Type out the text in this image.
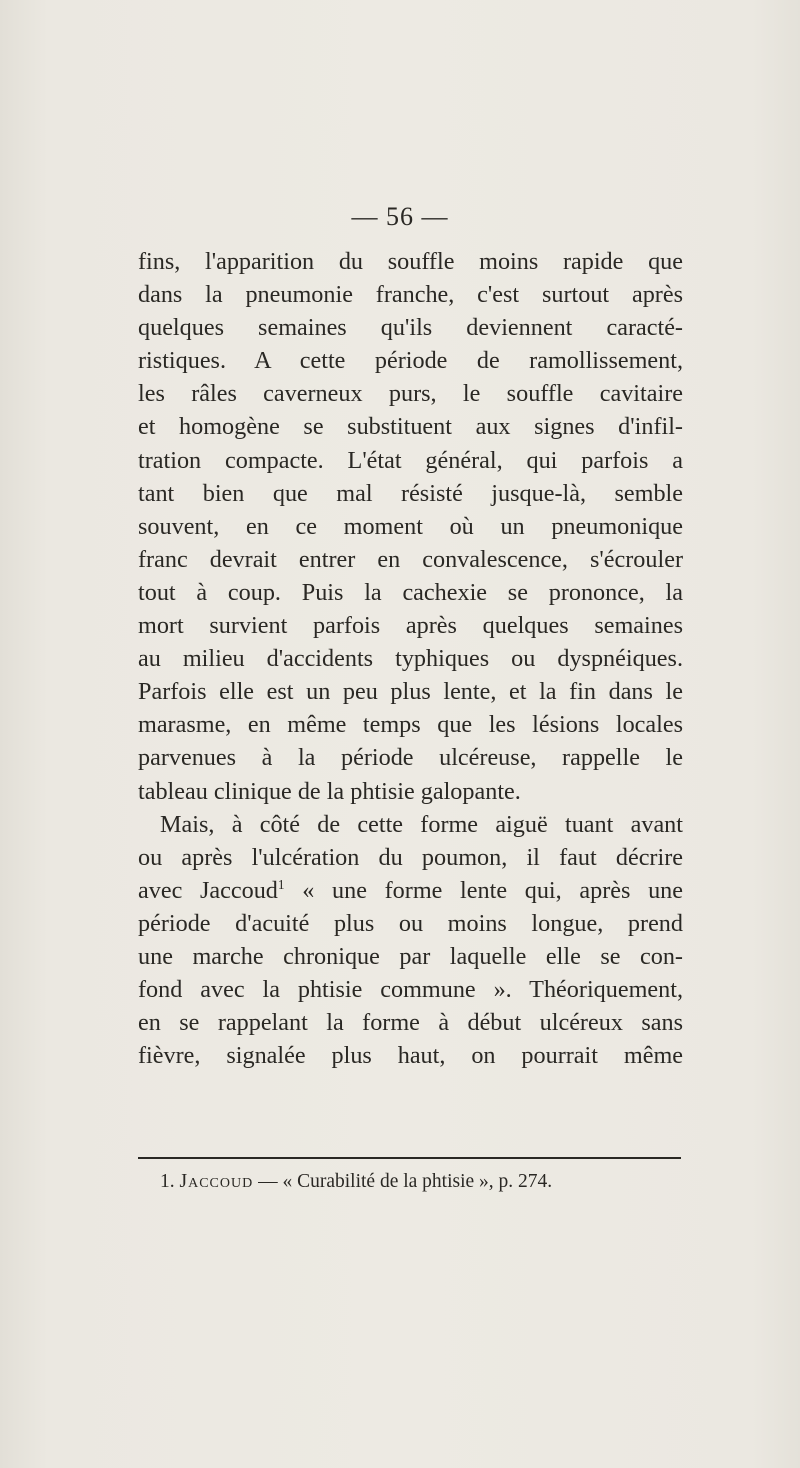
— 56 —
fins, l'apparition du souffle moins rapide que
dans la pneumonie franche, c'est surtout après
quelques semaines qu'ils deviennent caracté-
ristiques. A cette période de ramollissement,
les râles caverneux purs, le souffle cavitaire
et homogène se substituent aux signes d'infil-
tration compacte. L'état général, qui parfois a
tant bien que mal résisté jusque-là, semble
souvent, en ce moment où un pneumonique
franc devrait entrer en convalescence, s'écrouler
tout à coup. Puis la cachexie se prononce, la
mort survient parfois après quelques semaines
au milieu d'accidents typhiques ou dyspnéiques.
Parfois elle est un peu plus lente, et la fin dans le
marasme, en même temps que les lésions locales
parvenues à la période ulcéreuse, rappelle le
tableau clinique de la phtisie galopante.
Mais, à côté de cette forme aiguë tuant avant
ou après l'ulcération du poumon, il faut décrire
avec Jaccoud$^1$ « une forme lente qui, après une
période d'acuité plus ou moins longue, prend
une marche chronique par laquelle elle se con-
fond avec la phtisie commune ». Théoriquement,
en se rappelant la forme à début ulcéreux sans
fièvre, signalée plus haut, on pourrait même
1. Jaccoud — « Curabilité de la phtisie », p. 274.
